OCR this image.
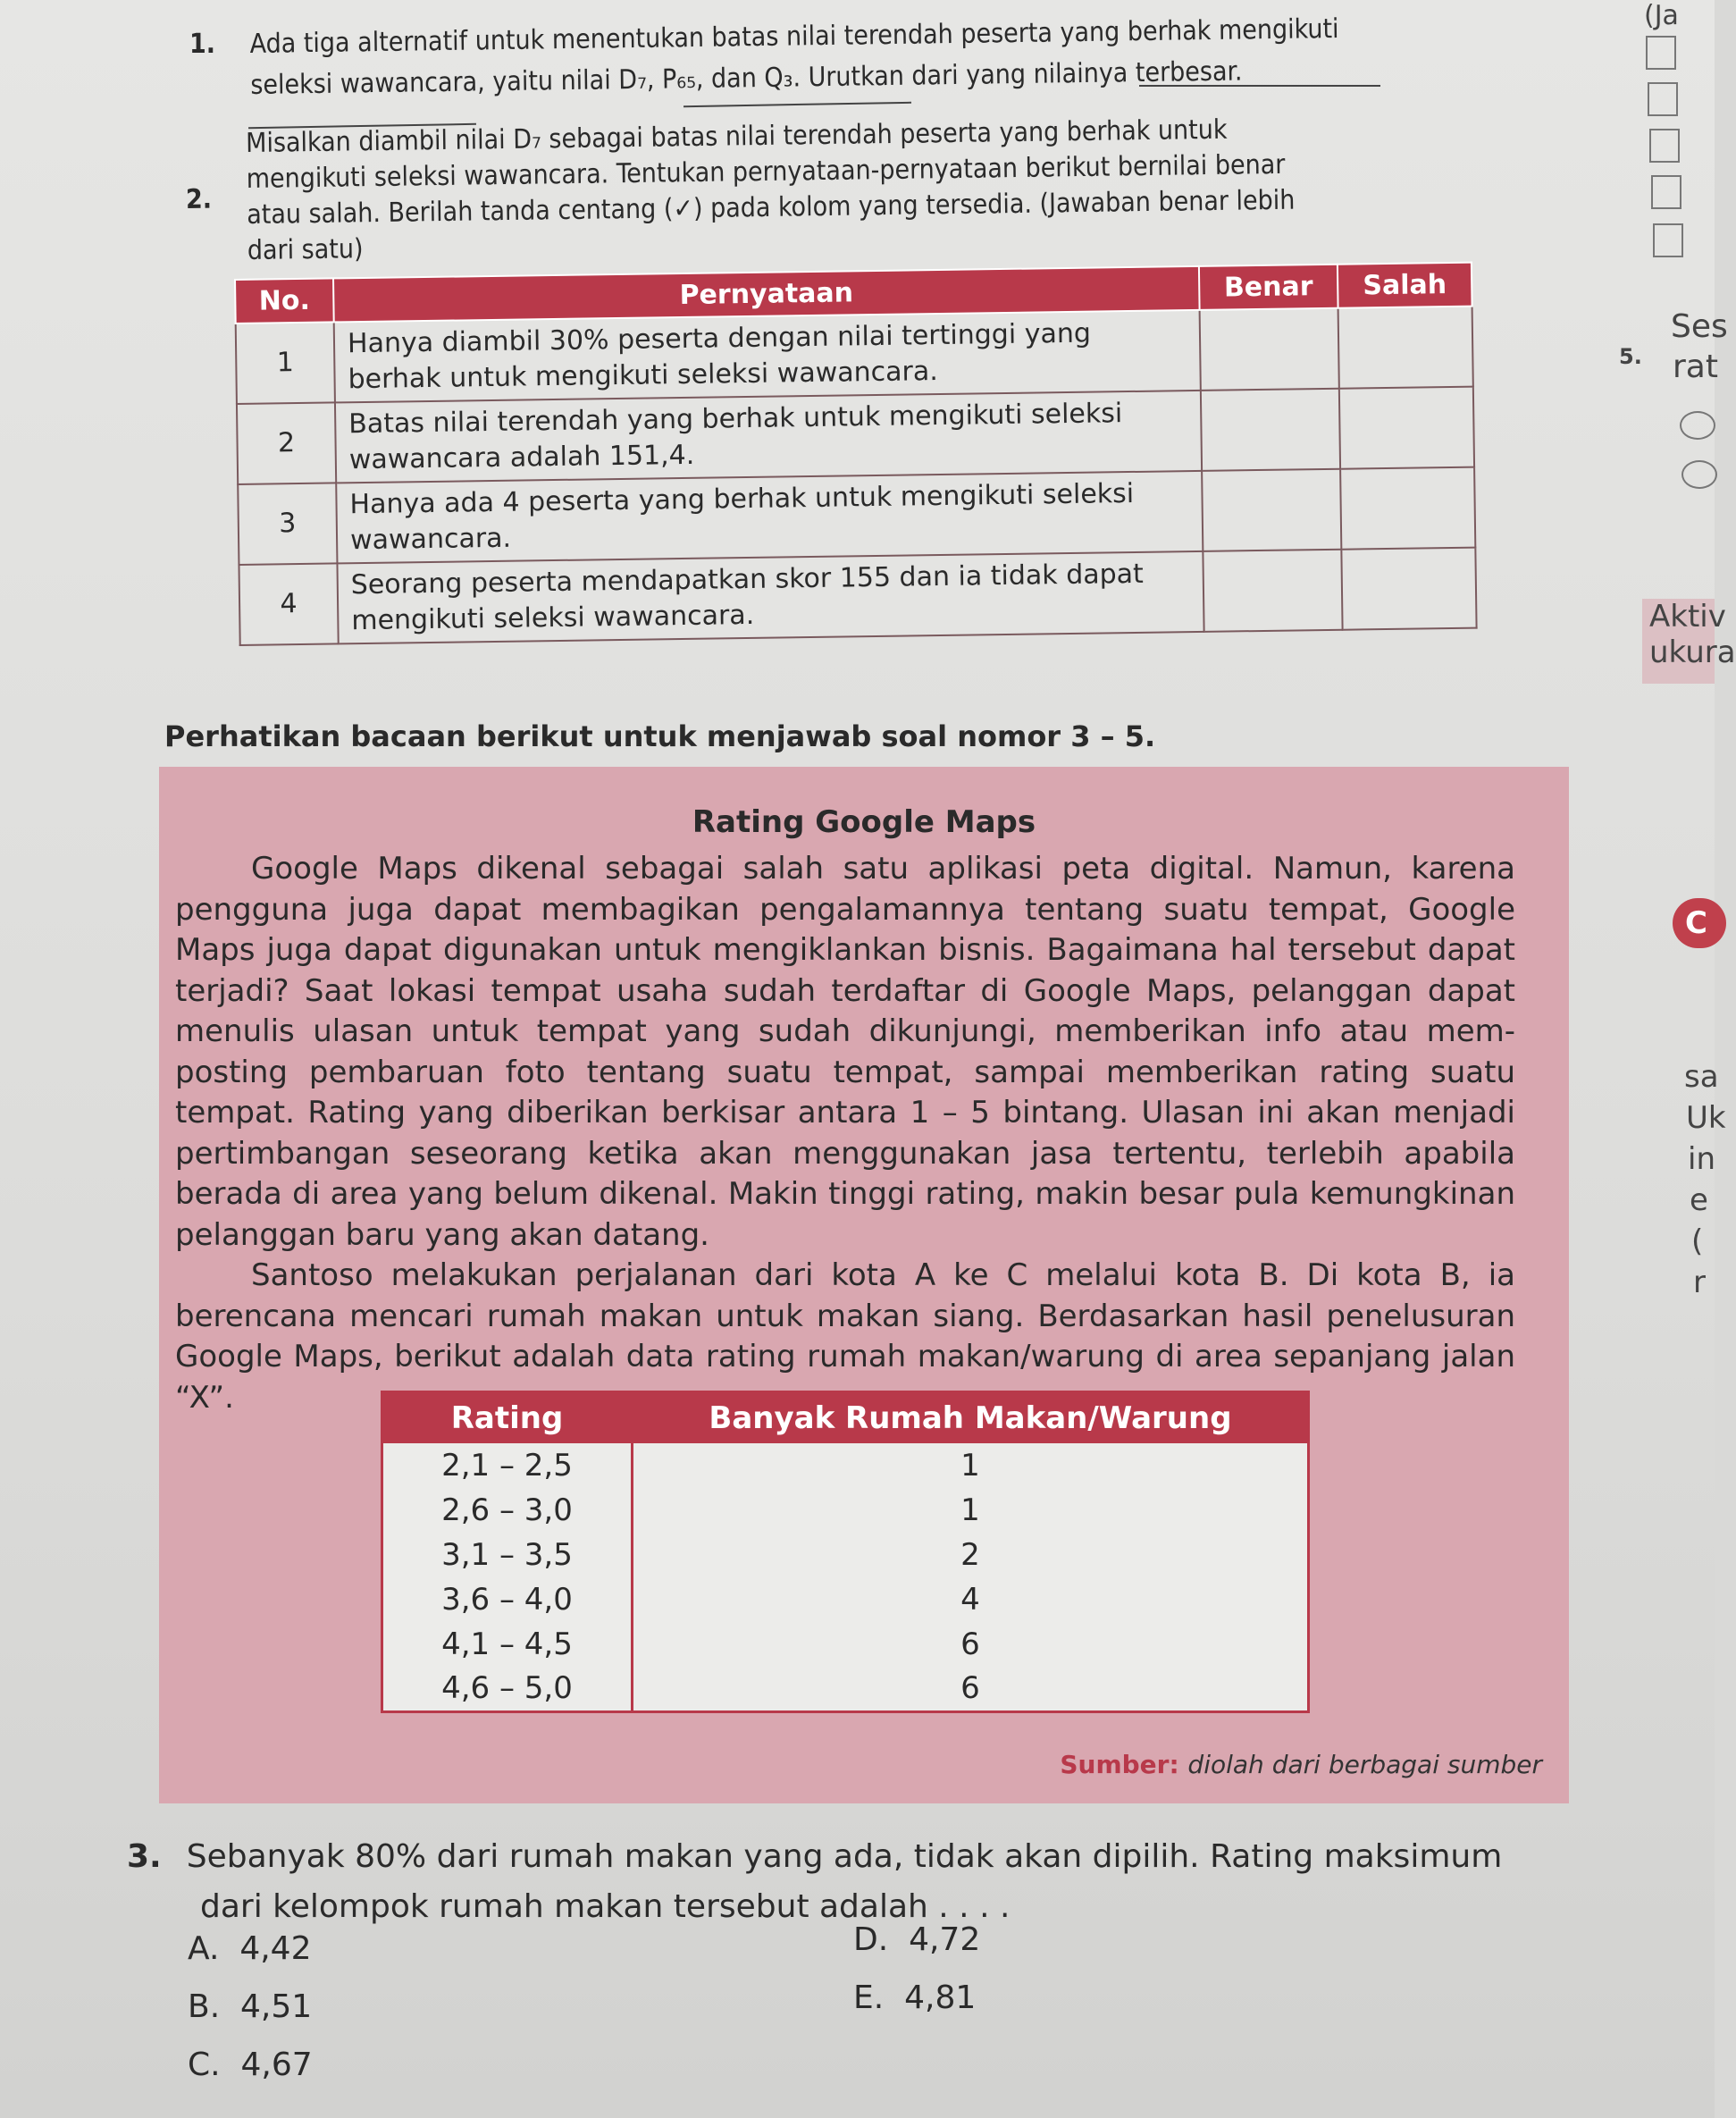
1. Ada tiga alternatif untuk menentukan batas nilai terendah peserta yang berhak mengikuti
seleksi wawancara, yaitu nilai D₇, P₆₅, dan Q₃. Urutkan dari yang nilainya terbesar.
2.
Misalkan diambil nilai D₇ sebagai batas nilai terendah peserta yang berhak untuk
mengikuti seleksi wawancara. Tentukan pernyataan-pernyataan berikut bernilai benar
atau salah. Berilah tanda centang (✓) pada kolom yang tersedia. (Jawaban benar lebih
dari satu)
No.	Pernyataan	Benar	Salah
1	Hanya diambil 30% peserta dengan nilai tertinggi yang berhak untuk mengikuti seleksi wawancara.		
2	Batas nilai terendah yang berhak untuk mengikuti seleksi wawancara adalah 151,4.		
3	Hanya ada 4 peserta yang berhak untuk mengikuti seleksi wawancara.		
4	Seorang peserta mendapatkan skor 155 dan ia tidak dapat mengikuti seleksi wawancara.		
Perhatikan bacaan berikut untuk menjawab soal nomor 3 – 5.
Rating Google Maps

Google Maps dikenal sebagai salah satu aplikasi peta digital. Namun, karena pengguna juga dapat membagikan pengalamannya tentang suatu tempat, Google Maps juga dapat digunakan untuk mengiklankan bisnis. Bagaimana hal tersebut dapat terjadi? Saat lokasi tempat usaha sudah terdaftar di Google Maps, pelanggan dapat menulis ulasan untuk tempat yang sudah dikunjungi, memberikan info atau mem-posting pembaruan foto tentang suatu tempat, sampai memberikan rating suatu tempat. Rating yang diberikan berkisar antara 1 – 5 bintang. Ulasan ini akan menjadi pertimbangan seseorang ketika akan menggunakan jasa tertentu, terlebih apabila berada di area yang belum dikenal. Makin tinggi rating, makin besar pula kemungkinan pelanggan baru yang akan datang.

Santoso melakukan perjalanan dari kota A ke C melalui kota B. Di kota B, ia berencana mencari rumah makan untuk makan siang. Berdasarkan hasil penelusuran Google Maps, berikut adalah data rating rumah makan/warung di area sepanjang jalan “X”.

Rating	Banyak Rumah Makan/Warung
2,1 – 2,5	1
2,6 – 3,0	1
3,1 – 3,5	2
3,6 – 4,0	4
4,1 – 4,5	6
4,6 – 5,0	6
Sumber: diolah dari berbagai sumber
3. Sebanyak 80% dari rumah makan yang ada, tidak akan dipilih. Rating maksimum
dari kelompok rumah makan tersebut adalah . . . .
A. 4,42
B. 4,51
C. 4,67
D. 4,72
E. 4,81
(Ja
5.
Ses
rat
Aktiv
ukura
C
sa
Uk
in
e
(
r
